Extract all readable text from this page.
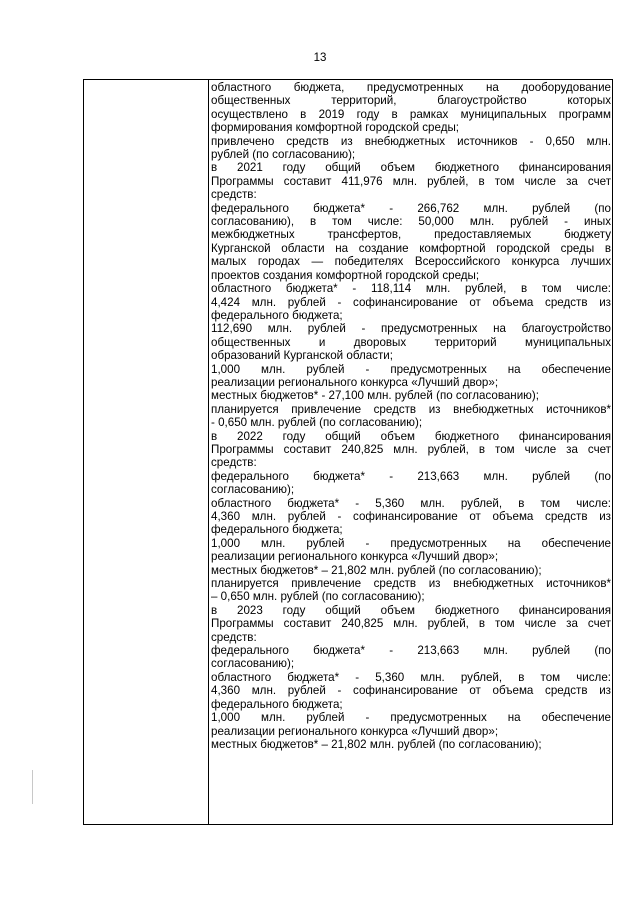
13

областного бюджета, предусмотренных на дооборудование

общественных территорий, благоустройство которых

осуществлено в 2019 году в рамках муниципальных программ

формирования комфортной городской среды;

привлечено средств из внебюджетных источников - 0,650 млн.

рублей (по согласованию);

в 2021 году общий объем бюджетного финансирования

Программы составит 411,976 млн. рублей, в том числе за счет

средств:

федерального бюджета* - 266,762 млн. рублей (по

согласованию), в том числе: 50,000 млн. рублей - иных

межбюджетных трансфертов, предоставляемых бюджету

Курганской области на создание комфортной городской среды в

малых городах — победителях Всероссийского конкурса лучших

проектов создания комфортной городской среды;

областного бюджета* - 118,114 млн. рублей, в том числе:

4,424 млн. рублей - софинансирование от объема средств из

федерального бюджета;

112,690 млн. рублей - предусмотренных на благоустройство

общественных и дворовых территорий муниципальных

образований Курганской области;

1,000 млн. рублей - предусмотренных на обеспечение

реализации регионального конкурса «Лучший двор»;

местных бюджетов* - 27,100 млн. рублей (по согласованию);

планируется привлечение средств из внебюджетных источников*

- 0,650 млн. рублей (по согласованию);

в 2022 году общий объем бюджетного финансирования

Программы составит 240,825 млн. рублей, в том числе за счет

средств:

федерального бюджета* - 213,663 млн. рублей (по

согласованию);

областного бюджета* - 5,360 млн. рублей, в том числе:

4,360 млн. рублей - софинансирование от объема средств из

федерального бюджета;

1,000 млн. рублей - предусмотренных на обеспечение

реализации регионального конкурса «Лучший двор»;

местных бюджетов* – 21,802 млн. рублей (по согласованию);

планируется привлечение средств из внебюджетных источников*

– 0,650 млн. рублей (по согласованию);

в 2023 году общий объем бюджетного финансирования

Программы составит 240,825 млн. рублей, в том числе за счет

средств:

федерального бюджета* - 213,663 млн. рублей (по

согласованию);

областного бюджета* - 5,360 млн. рублей, в том числе:

4,360 млн. рублей - софинансирование от объема средств из

федерального бюджета;

1,000 млн. рублей - предусмотренных на обеспечение

реализации регионального конкурса «Лучший двор»;

местных бюджетов* – 21,802 млн. рублей (по согласованию);
